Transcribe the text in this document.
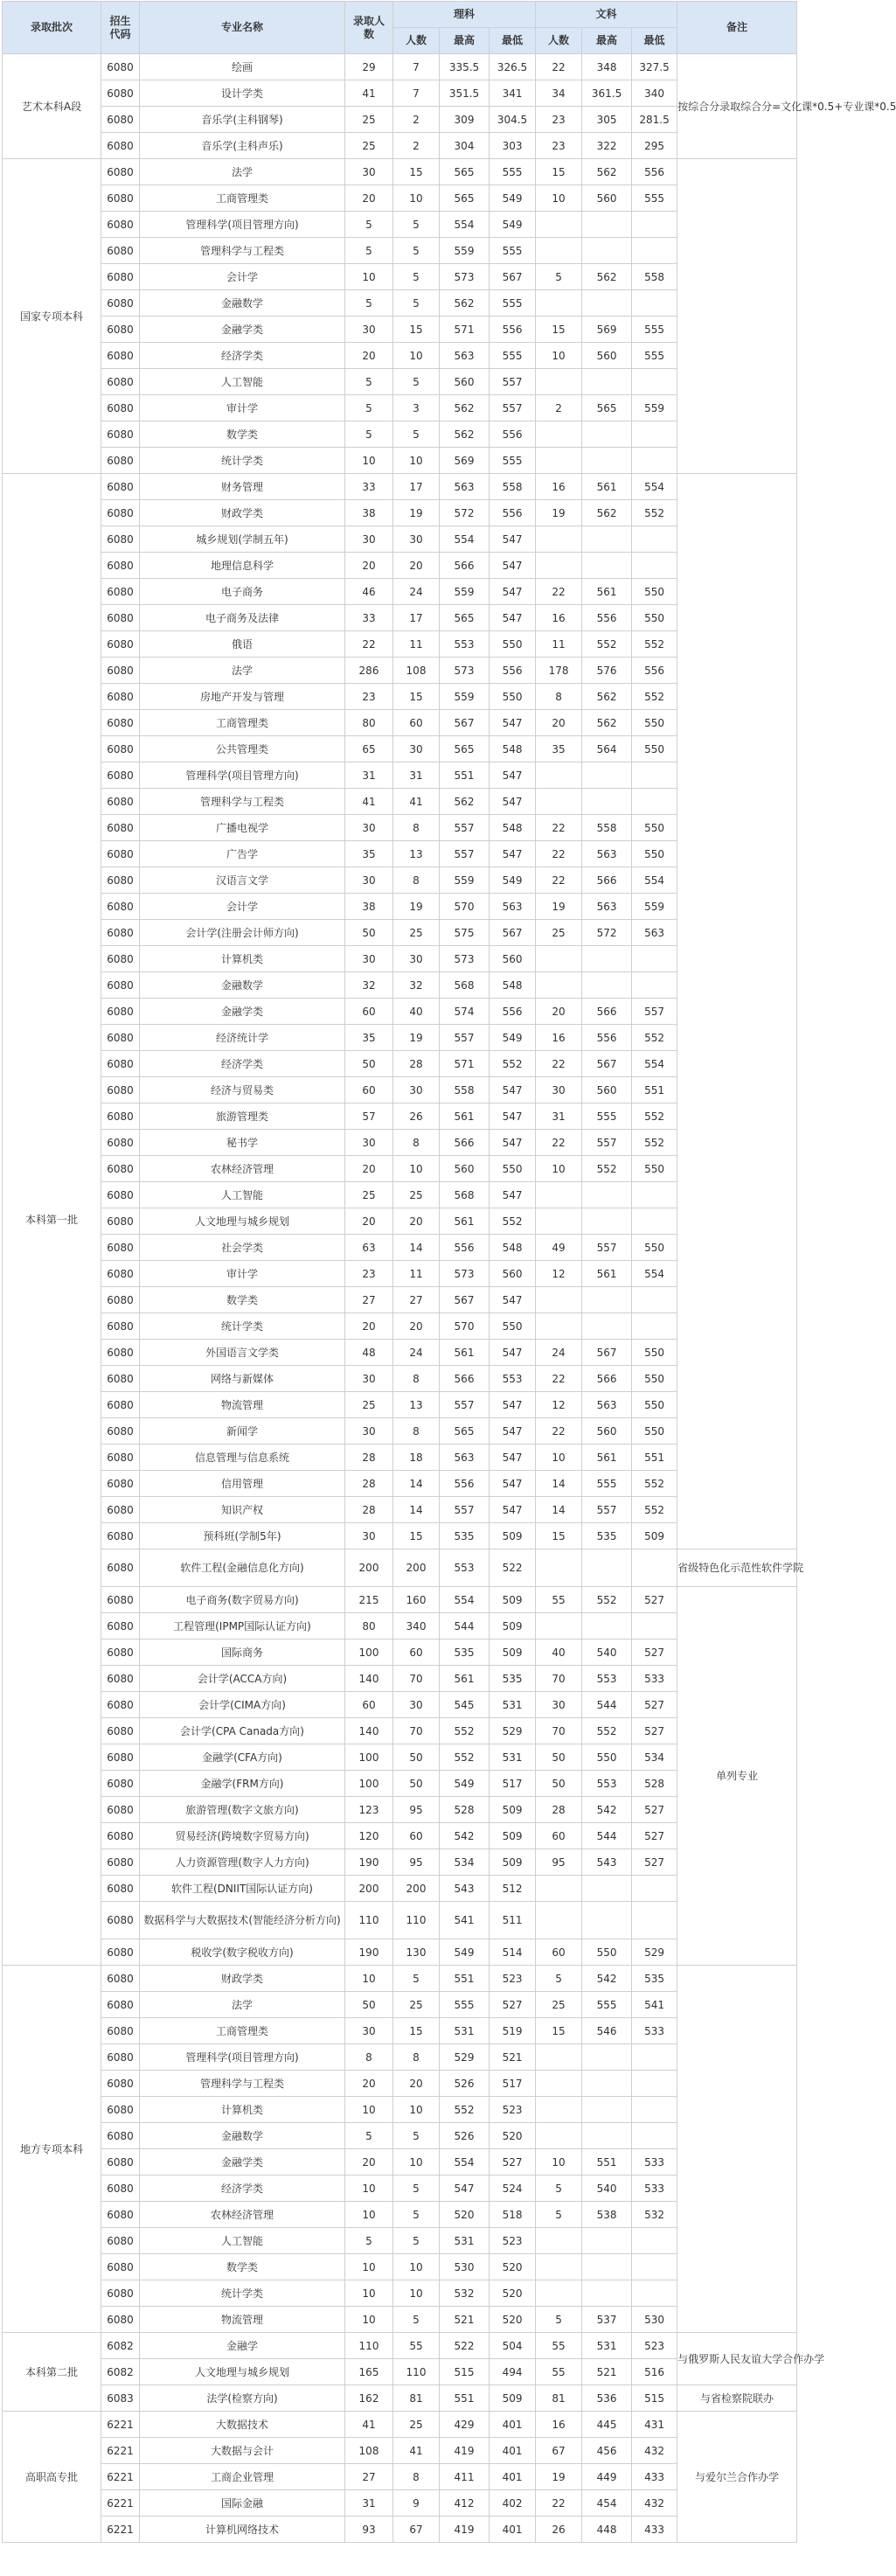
录取批次	招生代码	专业名称	录取人数	理科			文科			备注
				人数	最高	最低	人数	最高	最低	
艺术本科A段	6080	绘画	29	7	335.5	326.5	22	348	327.5	按综合分录取综合分=文化课*0.5+专业课*0.5
	6080	设计学类	41	7	351.5	341	34	361.5	340	
	6080	音乐学(主科钢琴)	25	2	309	304.5	23	305	281.5	
	6080	音乐学(主科声乐)	25	2	304	303	23	322	295	
国家专项本科	6080	法学	30	15	565	555	15	562	556	
	6080	工商管理类	20	10	565	549	10	560	555	
	6080	管理科学(项目管理方向)	5	5	554	549				
	6080	管理科学与工程类	5	5	559	555				
	6080	会计学	10	5	573	567	5	562	558	
	6080	金融数学	5	5	562	555				
	6080	金融学类	30	15	571	556	15	569	555	
	6080	经济学类	20	10	563	555	10	560	555	
	6080	人工智能	5	5	560	557				
	6080	审计学	5	3	562	557	2	565	559	
	6080	数学类	5	5	562	556				
	6080	统计学类	10	10	569	555				
本科第一批	6080	财务管理	33	17	563	558	16	561	554	
	6080	财政学类	38	19	572	556	19	562	552	
	6080	城乡规划(学制五年)	30	30	554	547				
	6080	地理信息科学	20	20	566	547				
	6080	电子商务	46	24	559	547	22	561	550	
	6080	电子商务及法律	33	17	565	547	16	556	550	
	6080	俄语	22	11	553	550	11	552	552	
	6080	法学	286	108	573	556	178	576	556	
	6080	房地产开发与管理	23	15	559	550	8	562	552	
	6080	工商管理类	80	60	567	547	20	562	550	
	6080	公共管理类	65	30	565	548	35	564	550	
	6080	管理科学(项目管理方向)	31	31	551	547				
	6080	管理科学与工程类	41	41	562	547				
	6080	广播电视学	30	8	557	548	22	558	550	
	6080	广告学	35	13	557	547	22	563	550	
	6080	汉语言文学	30	8	559	549	22	566	554	
	6080	会计学	38	19	570	563	19	563	559	
	6080	会计学(注册会计师方向)	50	25	575	567	25	572	563	
	6080	计算机类	30	30	573	560				
	6080	金融数学	32	32	568	548				
	6080	金融学类	60	40	574	556	20	566	557	
	6080	经济统计学	35	19	557	549	16	556	552	
	6080	经济学类	50	28	571	552	22	567	554	
	6080	经济与贸易类	60	30	558	547	30	560	551	
	6080	旅游管理类	57	26	561	547	31	555	552	
	6080	秘书学	30	8	566	547	22	557	552	
	6080	农林经济管理	20	10	560	550	10	552	550	
	6080	人工智能	25	25	568	547				
	6080	人文地理与城乡规划	20	20	561	552				
	6080	社会学类	63	14	556	548	49	557	550	
	6080	审计学	23	11	573	560	12	561	554	
	6080	数学类	27	27	567	547				
	6080	统计学类	20	20	570	550				
	6080	外国语言文学类	48	24	561	547	24	567	550	
	6080	网络与新媒体	30	8	566	553	22	566	550	
	6080	物流管理	25	13	557	547	12	563	550	
	6080	新闻学	30	8	565	547	22	560	550	
	6080	信息管理与信息系统	28	18	563	547	10	561	551	
	6080	信用管理	28	14	556	547	14	555	552	
	6080	知识产权	28	14	557	547	14	557	552	
	6080	预科班(学制5年)	30	15	535	509	15	535	509	
	6080	软件工程(金融信息化方向)	200	200	553	522				省级特色化示范性软件学院
	6080	电子商务(数字贸易方向)	215	160	554	509	55	552	527	单列专业
	6080	工程管理(IPMP国际认证方向)	80	340	544	509				
	6080	国际商务	100	60	535	509	40	540	527	
	6080	会计学(ACCA方向)	140	70	561	535	70	553	533	
	6080	会计学(CIMA方向)	60	30	545	531	30	544	527	
	6080	会计学(CPA Canada方向)	140	70	552	529	70	552	527	
	6080	金融学(CFA方向)	100	50	552	531	50	550	534	
	6080	金融学(FRM方向)	100	50	549	517	50	553	528	
	6080	旅游管理(数字文旅方向)	123	95	528	509	28	542	527	
	6080	贸易经济(跨境数字贸易方向)	120	60	542	509	60	544	527	
	6080	人力资源管理(数字人力方向)	190	95	534	509	95	543	527	
	6080	软件工程(DNIIT国际认证方向)	200	200	543	512				
	6080	数据科学与大数据技术(智能经济分析方向)	110	110	541	511				
	6080	税收学(数字税收方向)	190	130	549	514	60	550	529	
地方专项本科	6080	财政学类	10	5	551	523	5	542	535	
	6080	法学	50	25	555	527	25	555	541	
	6080	工商管理类	30	15	531	519	15	546	533	
	6080	管理科学(项目管理方向)	8	8	529	521				
	6080	管理科学与工程类	20	20	526	517				
	6080	计算机类	10	10	552	523				
	6080	金融数学	5	5	526	520				
	6080	金融学类	20	10	554	527	10	551	533	
	6080	经济学类	10	5	547	524	5	540	533	
	6080	农林经济管理	10	5	520	518	5	538	532	
	6080	人工智能	5	5	531	523				
	6080	数学类	10	10	530	520				
	6080	统计学类	10	10	532	520				
	6080	物流管理	10	5	521	520	5	537	530	
本科第二批	6082	金融学	110	55	522	504	55	531	523	与俄罗斯人民友谊大学合作办学
	6082	人文地理与城乡规划	165	110	515	494	55	521	516	
	6083	法学(检察方向)	162	81	551	509	81	536	515	与省检察院联办
高职高专批	6221	大数据技术	41	25	429	401	16	445	431	与爱尔兰合作办学
	6221	大数据与会计	108	41	419	401	67	456	432	
	6221	工商企业管理	27	8	411	401	19	449	433	
	6221	国际金融	31	9	412	402	22	454	432	
	6221	计算机网络技术	93	67	419	401	26	448	433	
